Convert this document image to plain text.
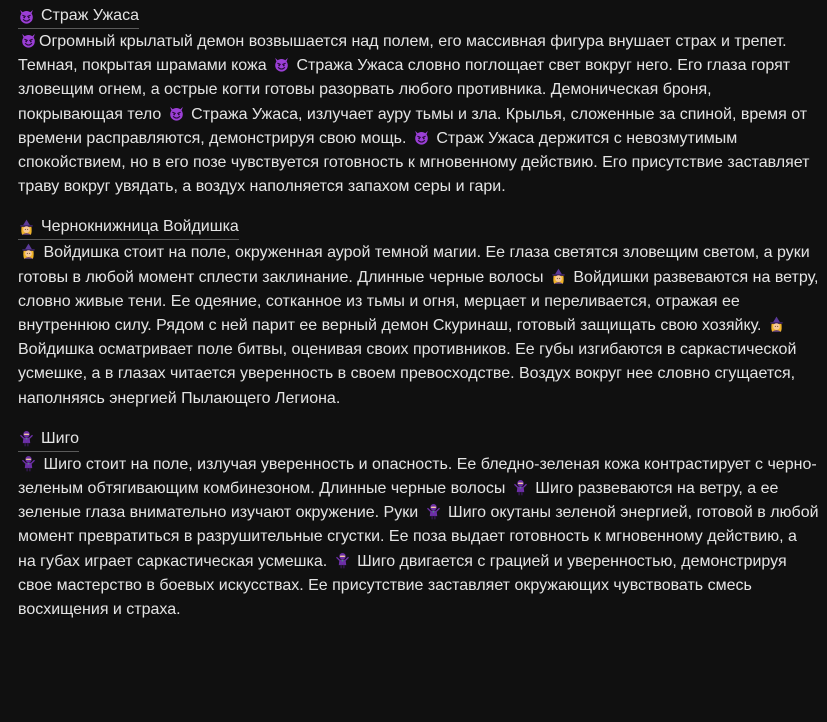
Страж Ужаса

Огромный крылатый демон возвышается над полем, его массивная фигура внушает страх и трепет. Темная, покрытая шрамами кожа
Стража Ужаса словно поглощает свет вокруг него. Его глаза горят зловещим огнем, а острые когти готовы разорвать любого противника. Демоническая броня, покрывающая тело
Стража Ужаса, излучает ауру тьмы и зла. Крылья, сложенные за спиной, время от времени расправляются, демонстрируя свою мощь.
Страж Ужаса держится с невозмутимым спокойствием, но в его позе чувствуется готовность к мгновенному действию. Его присутствие заставляет траву вокруг увядать, а воздух наполняется запахом серы и гари.

Чернокнижница Войдишка

Войдишка стоит на поле, окруженная аурой темной магии. Ее глаза светятся зловещим светом, а руки готовы в любой момент сплести заклинание. Длинные черные волосы
Войдишки развеваются на ветру, словно живые тени. Ее одеяние, сотканное из тьмы и огня, мерцает и переливается, отражая ее внутреннюю силу. Рядом с ней парит ее верный демон Скуринаш, готовый защищать свою хозяйку.
Войдишка осматривает поле битвы, оценивая своих противников. Ее губы изгибаются в саркастической усмешке, а в глазах читается уверенность в своем превосходстве. Воздух вокруг нее словно сгущается, наполняясь энергией Пылающего Легиона.

Шиго

Шиго стоит на поле, излучая уверенность и опасность. Ее бледно-зеленая кожа контрастирует с черно-зеленым обтягивающим комбинезоном. Длинные черные волосы
Шиго развеваются на ветру, а ее зеленые глаза внимательно изучают окружение. Руки
Шиго окутаны зеленой энергией, готовой в любой момент превратиться в разрушительные сгустки. Ее поза выдает готовность к мгновенному действию, а на губах играет саркастическая усмешка.
Шиго двигается с грацией и уверенностью, демонстрируя свое мастерство в боевых искусствах. Ее присутствие заставляет окружающих чувствовать смесь восхищения и страха.
